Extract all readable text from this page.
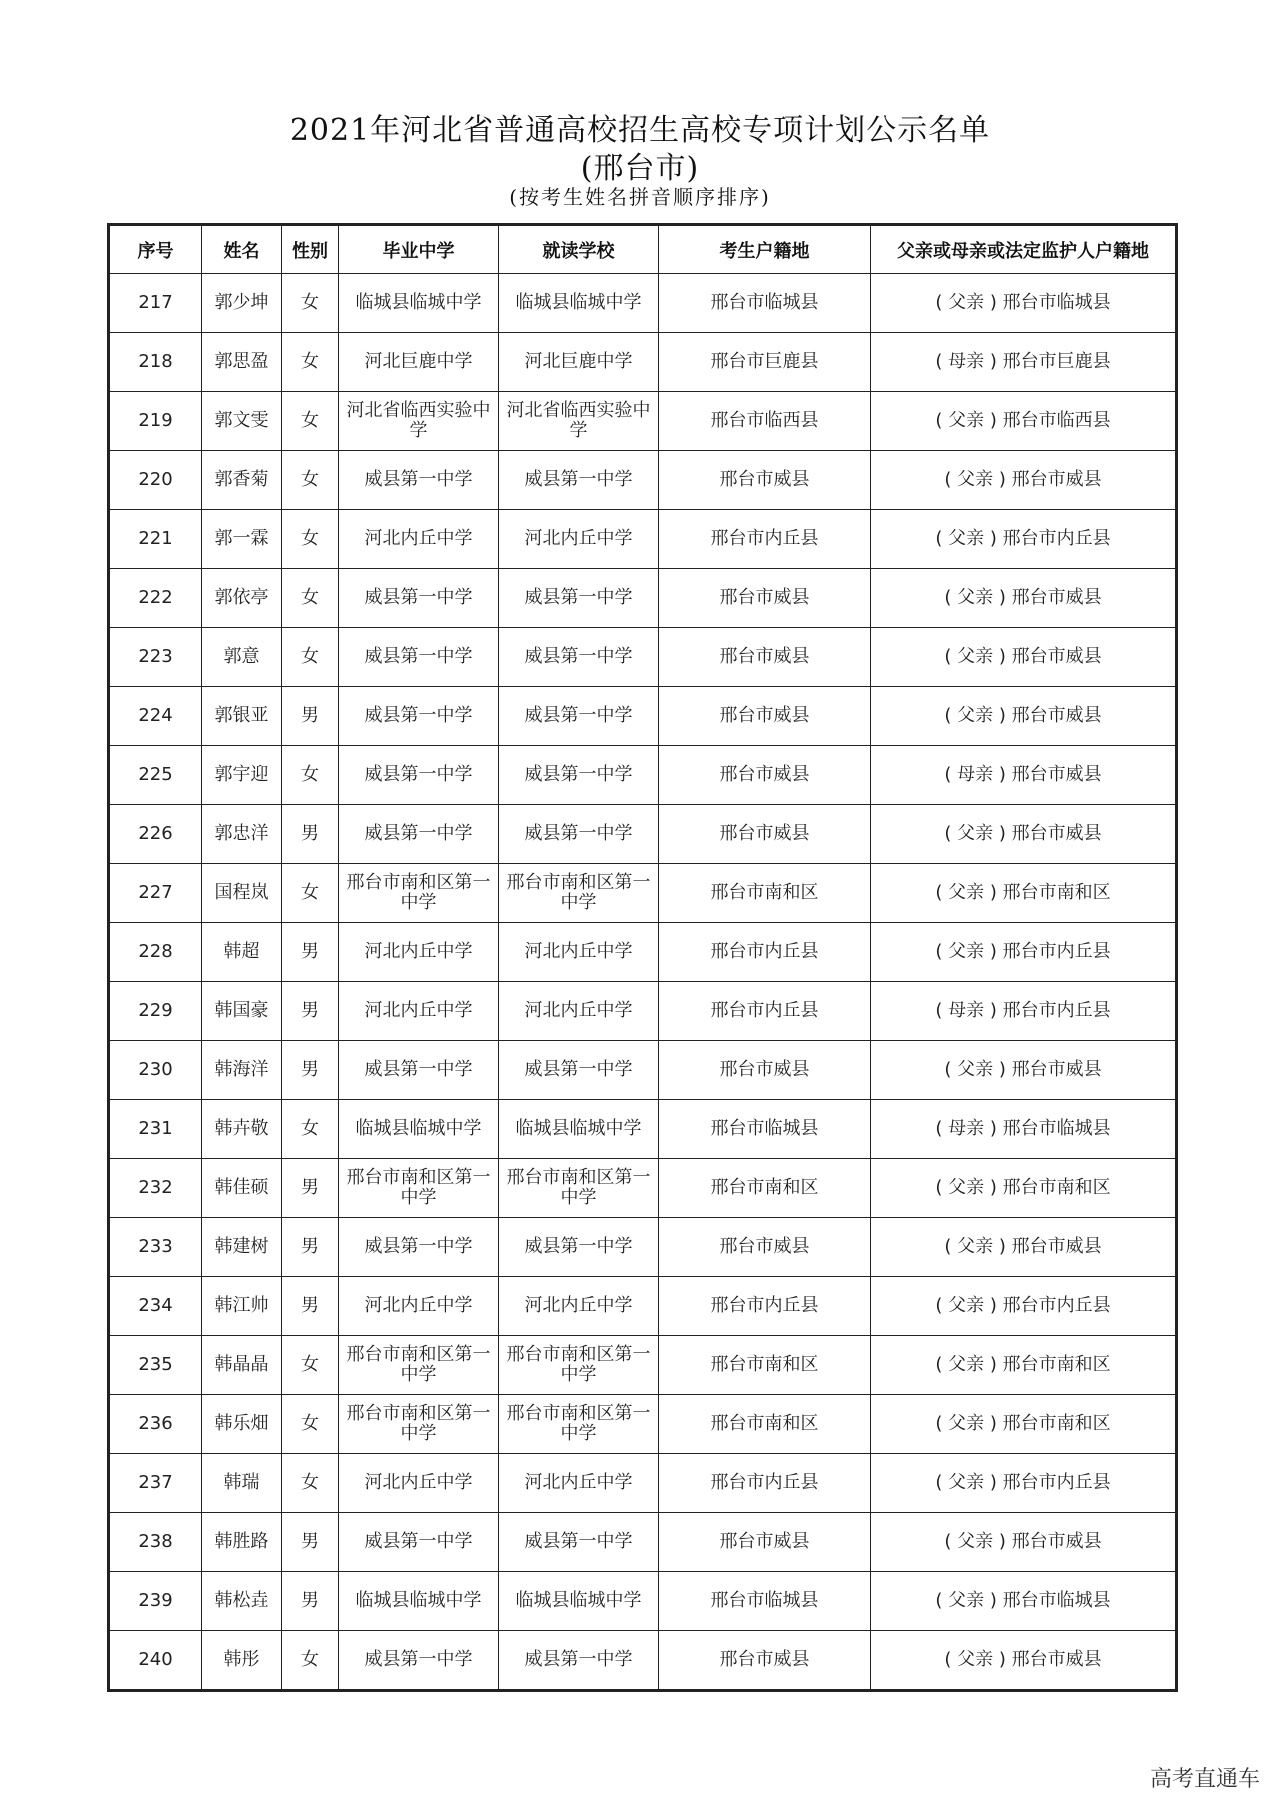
2021年河北省普通高校招生高校专项计划公示名单
(邢台市)
(按考生姓名拼音顺序排序)
序号	姓名	性别	毕业中学	就读学校	考生户籍地	父亲或母亲或法定监护人户籍地
217	郭少坤	女	临城县临城中学	临城县临城中学	邢台市临城县	( 父亲 ) 邢台市临城县
218	郭思盈	女	河北巨鹿中学	河北巨鹿中学	邢台市巨鹿县	( 母亲 ) 邢台市巨鹿县
219	郭文雯	女	河北省临西实验中学	河北省临西实验中学	邢台市临西县	( 父亲 ) 邢台市临西县
220	郭香菊	女	威县第一中学	威县第一中学	邢台市威县	( 父亲 ) 邢台市威县
221	郭一霖	女	河北内丘中学	河北内丘中学	邢台市内丘县	( 父亲 ) 邢台市内丘县
222	郭依亭	女	威县第一中学	威县第一中学	邢台市威县	( 父亲 ) 邢台市威县
223	郭意	女	威县第一中学	威县第一中学	邢台市威县	( 父亲 ) 邢台市威县
224	郭银亚	男	威县第一中学	威县第一中学	邢台市威县	( 父亲 ) 邢台市威县
225	郭宇迎	女	威县第一中学	威县第一中学	邢台市威县	( 母亲 ) 邢台市威县
226	郭忠洋	男	威县第一中学	威县第一中学	邢台市威县	( 父亲 ) 邢台市威县
227	国程岚	女	邢台市南和区第一中学	邢台市南和区第一中学	邢台市南和区	( 父亲 ) 邢台市南和区
228	韩超	男	河北内丘中学	河北内丘中学	邢台市内丘县	( 父亲 ) 邢台市内丘县
229	韩国豪	男	河北内丘中学	河北内丘中学	邢台市内丘县	( 母亲 ) 邢台市内丘县
230	韩海洋	男	威县第一中学	威县第一中学	邢台市威县	( 父亲 ) 邢台市威县
231	韩卉敬	女	临城县临城中学	临城县临城中学	邢台市临城县	( 母亲 ) 邢台市临城县
232	韩佳硕	男	邢台市南和区第一中学	邢台市南和区第一中学	邢台市南和区	( 父亲 ) 邢台市南和区
233	韩建树	男	威县第一中学	威县第一中学	邢台市威县	( 父亲 ) 邢台市威县
234	韩江帅	男	河北内丘中学	河北内丘中学	邢台市内丘县	( 父亲 ) 邢台市内丘县
235	韩晶晶	女	邢台市南和区第一中学	邢台市南和区第一中学	邢台市南和区	( 父亲 ) 邢台市南和区
236	韩乐畑	女	邢台市南和区第一中学	邢台市南和区第一中学	邢台市南和区	( 父亲 ) 邢台市南和区
237	韩瑞	女	河北内丘中学	河北内丘中学	邢台市内丘县	( 父亲 ) 邢台市内丘县
238	韩胜路	男	威县第一中学	威县第一中学	邢台市威县	( 父亲 ) 邢台市威县
239	韩松垚	男	临城县临城中学	临城县临城中学	邢台市临城县	( 父亲 ) 邢台市临城县
240	韩彤	女	威县第一中学	威县第一中学	邢台市威县	( 父亲 ) 邢台市威县
高考直通车
